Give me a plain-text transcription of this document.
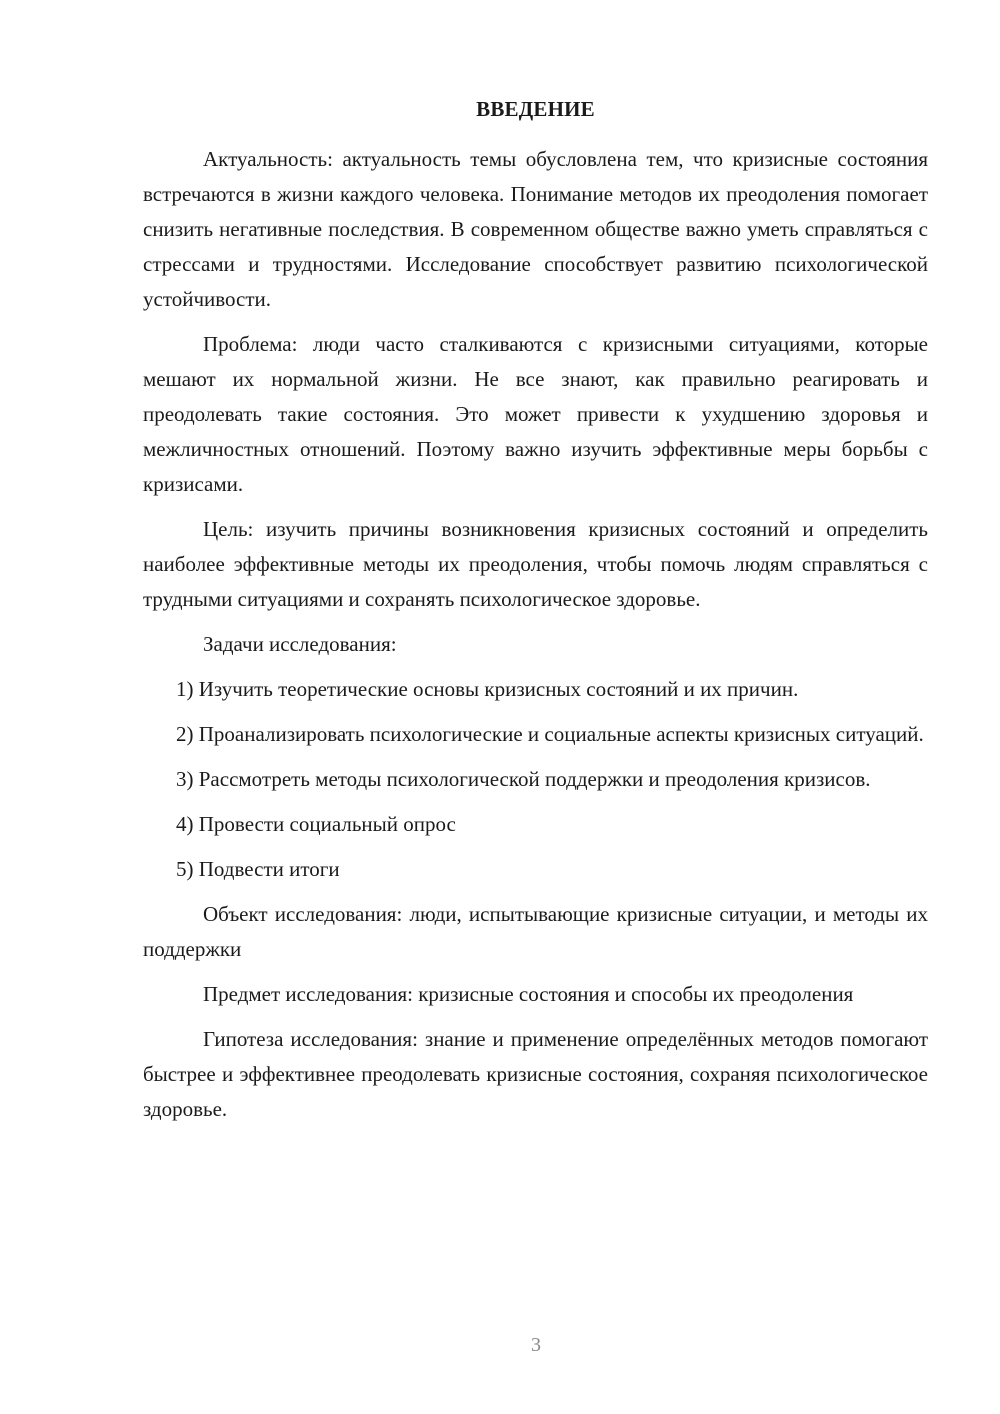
ВВЕДЕНИЕ

Актуальность: актуальность темы обусловлена тем, что кризисные состояния встречаются в жизни каждого человека. Понимание методов их преодоления помогает снизить негативные последствия. В современном обществе важно уметь справляться с стрессами и трудностями. Исследование способствует развитию психологической устойчивости.

Проблема: люди часто сталкиваются с кризисными ситуациями, которые мешают их нормальной жизни. Не все знают, как правильно реагировать и преодолевать такие состояния. Это может привести к ухудшению здоровья и межличностных отношений. Поэтому важно изучить эффективные меры борьбы с кризисами.

Цель: изучить причины возникновения кризисных состояний и определить наиболее эффективные методы их преодоления, чтобы помочь людям справляться с трудными ситуациями и сохранять психологическое здоровье.

Задачи исследования:

1) Изучить теоретические основы кризисных состояний и их причин.

2) Проанализировать психологические и социальные аспекты кризисных ситуаций.

3) Рассмотреть методы психологической поддержки и преодоления кризисов.

4) Провести социальный опрос

5) Подвести итоги

Объект исследования: люди, испытывающие кризисные ситуации, и методы их поддержки

Предмет исследования: кризисные состояния и способы их преодоления

Гипотеза исследования: знание и применение определённых методов помогают быстрее и эффективнее преодолевать кризисные состояния, сохраняя психологическое здоровье.

3
